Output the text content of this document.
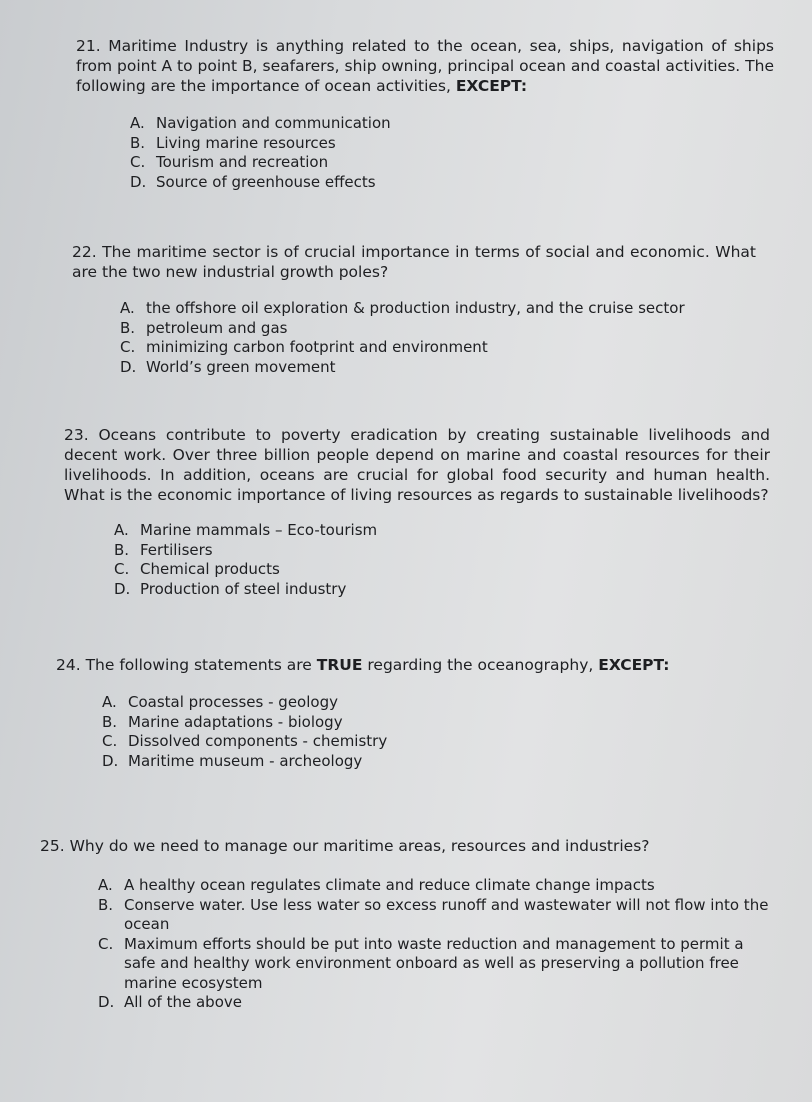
21. Maritime Industry is anything related to the ocean, sea, ships, navigation of ships from point A to point B, seafarers, ship owning, principal ocean and coastal activities. The following are the importance of ocean activities, EXCEPT:

A. Navigation and communication
B. Living marine resources
C. Tourism and recreation
D. Source of greenhouse effects

22. The maritime sector is of crucial importance in terms of social and economic. What are the two new industrial growth poles?

A. the offshore oil exploration & production industry, and the cruise sector
B. petroleum and gas
C. minimizing carbon footprint and environment
D. World’s green movement

23. Oceans contribute to poverty eradication by creating sustainable livelihoods and decent work. Over three billion people depend on marine and coastal resources for their livelihoods. In addition, oceans are crucial for global food security and human health. What is the economic importance of living resources as regards to sustainable livelihoods?

A. Marine mammals – Eco-tourism
B. Fertilisers
C. Chemical products
D. Production of steel industry

24. The following statements are TRUE regarding the oceanography, EXCEPT:

A. Coastal processes - geology
B. Marine adaptations - biology
C. Dissolved components - chemistry
D. Maritime museum - archeology

25. Why do we need to manage our maritime areas, resources and industries?

A. A healthy ocean regulates climate and reduce climate change impacts
B. Conserve water. Use less water so excess runoff and wastewater will not flow into the ocean
C. Maximum efforts should be put into waste reduction and management to permit a safe and healthy work environment onboard as well as preserving a pollution free marine ecosystem
D. All of the above
